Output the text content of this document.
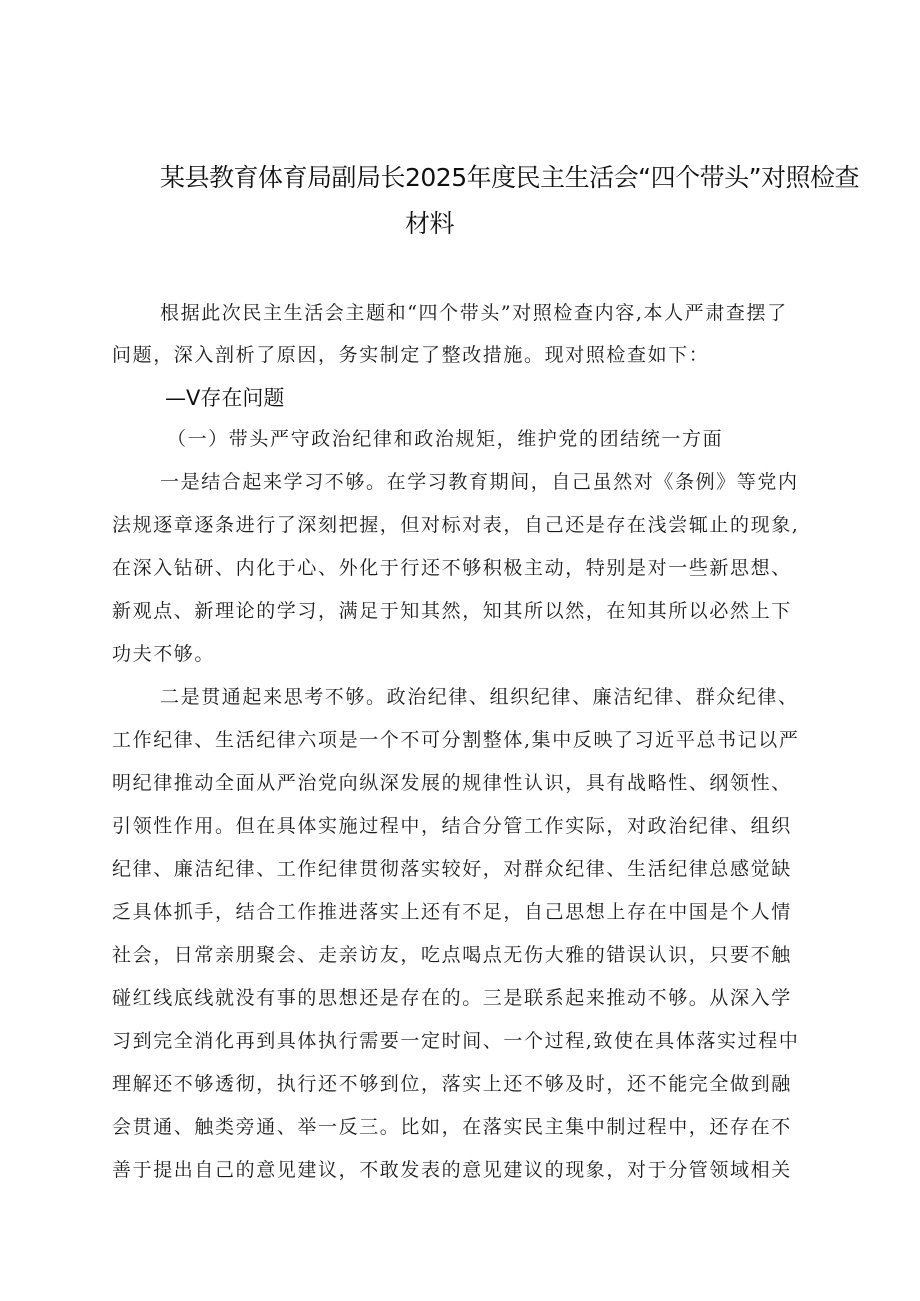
某县教育体育局副局长2025年度民主生活会“四个带头”对照检查
材料
根据此次民主生活会主题和“四个带头”对照检查内容,本人严肃查摆了
问题，深入剖析了原因，务实制定了整改措施。现对照检查如下：
—V存在问题
（一）带头严守政治纪律和政治规矩，维护党的团结统一方面
一是结合起来学习不够。在学习教育期间，自己虽然对《条例》等党内
法规逐章逐条进行了深刻把握，但对标对表，自己还是存在浅尝辄止的现象,
在深入钻研、内化于心、外化于行还不够积极主动，特别是对一些新思想、
新观点、新理论的学习，满足于知其然，知其所以然，在知其所以必然上下
功夫不够。
二是贯通起来思考不够。政治纪律、组织纪律、廉洁纪律、群众纪律、
工作纪律、生活纪律六项是一个不可分割整体,集中反映了习近平总书记以严
明纪律推动全面从严治党向纵深发展的规律性认识，具有战略性、纲领性、
引领性作用。但在具体实施过程中，结合分管工作实际，对政治纪律、组织
纪律、廉洁纪律、工作纪律贯彻落实较好，对群众纪律、生活纪律总感觉缺
乏具体抓手，结合工作推进落实上还有不足，自己思想上存在中国是个人情
社会，日常亲朋聚会、走亲访友，吃点喝点无伤大雅的错误认识，只要不触
碰红线底线就没有事的思想还是存在的。三是联系起来推动不够。从深入学
习到完全消化再到具体执行需要一定时间、一个过程,致使在具体落实过程中
理解还不够透彻，执行还不够到位，落实上还不够及时，还不能完全做到融
会贯通、触类旁通、举一反三。比如，在落实民主集中制过程中，还存在不
善于提出自己的意见建议，不敢发表的意见建议的现象，对于分管领域相关
